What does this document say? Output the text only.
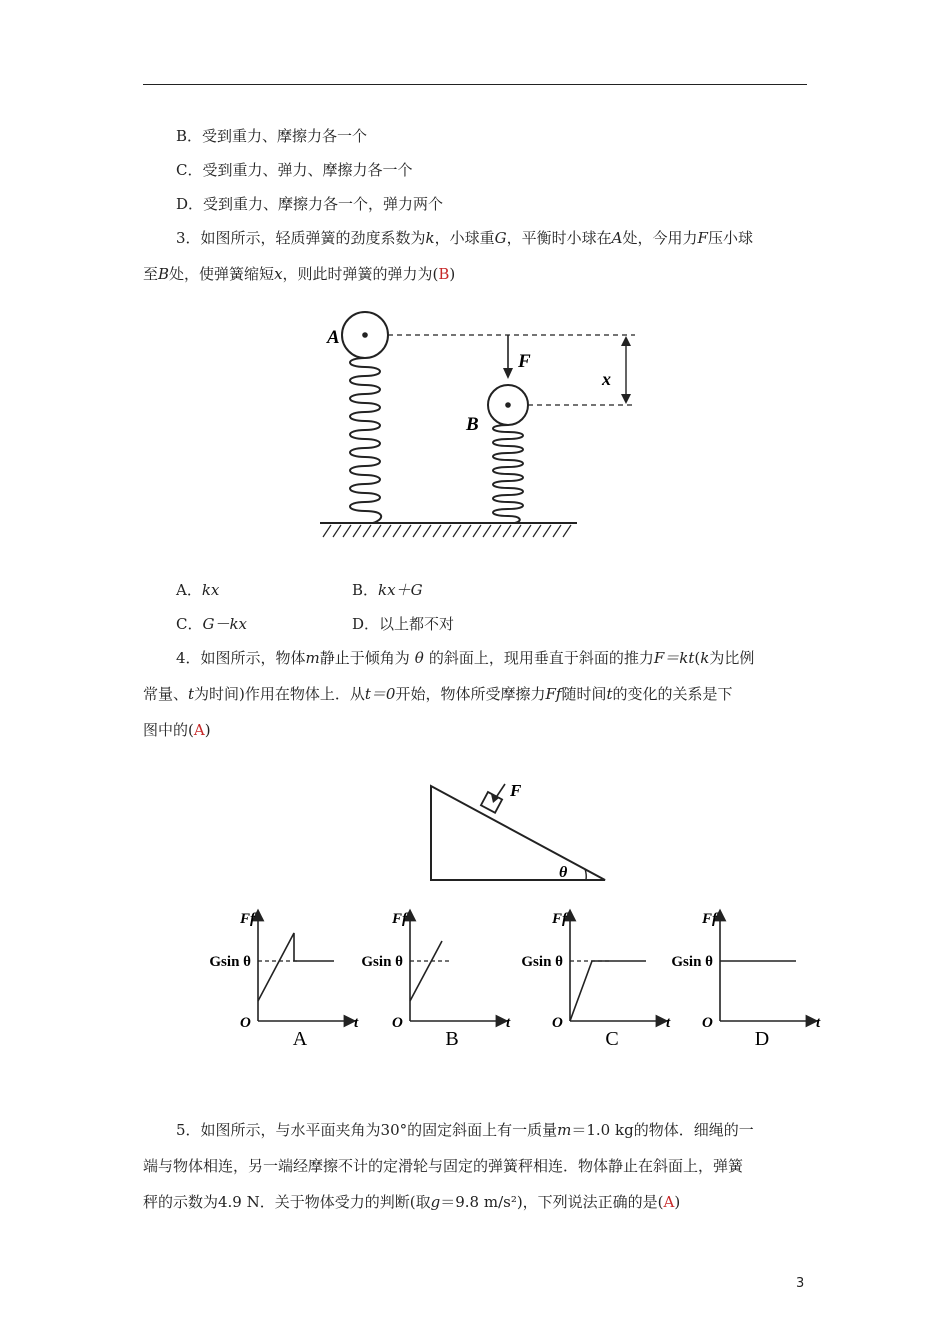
B．受到重力、摩擦力各一个
C．受到重力、弹力、摩擦力各一个
D．受到重力、摩擦力各一个，弹力两个
3．如图所示，轻质弹簧的劲度系数为k，小球重G，平衡时小球在A处，今用力F压小球
至B处，使弹簧缩短x，则此时弹簧的弹力为(B)
A
F
B
x
A．kx	B．kx＋G
C．G－kx	D．以上都不对
4．如图所示，物体m静止于倾角为 θ 的斜面上，现用垂直于斜面的推力F＝kt(k为比例
常量、t为时间)作用在物体上．从t＝0开始，物体所受摩擦力Ff随时间t的变化的关系是下
图中的(A)
F
θ
Ff
Gsin θ
O	t
A
Ff
Gsin θ
O	t
B
Ff
Gsin θ
O	t
C
Ff
Gsin θ
O	t
D
5．如图所示，与水平面夹角为30°的固定斜面上有一质量m＝1.0 kg的物体．细绳的一
端与物体相连，另一端经摩擦不计的定滑轮与固定的弹簧秤相连．物体静止在斜面上，弹簧
秤的示数为4.9 N．关于物体受力的判断(取g＝9.8 m/s²)，下列说法正确的是(A)
3
